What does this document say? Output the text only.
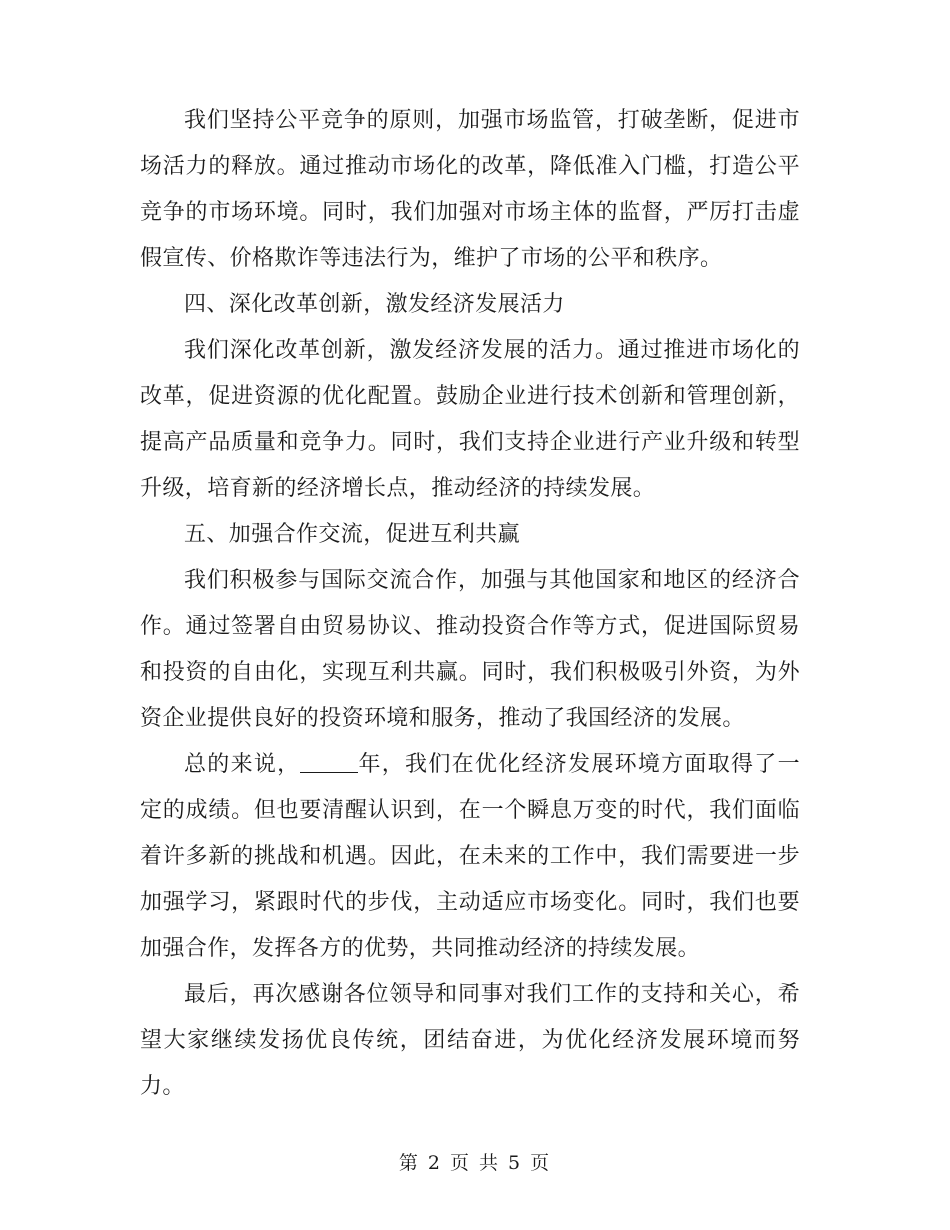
我们坚持公平竞争的原则，加强市场监管，打破垄断，促进市场活力的释放。通过推动市场化的改革，降低准入门槛，打造公平竞争的市场环境。同时，我们加强对市场主体的监督，严厉打击虚假宣传、价格欺诈等违法行为，维护了市场的公平和秩序。

四、深化改革创新，激发经济发展活力

我们深化改革创新，激发经济发展的活力。通过推进市场化的改革，促进资源的优化配置。鼓励企业进行技术创新和管理创新，提高产品质量和竞争力。同时，我们支持企业进行产业升级和转型升级，培育新的经济增长点，推动经济的持续发展。

五、加强合作交流，促进互利共赢

我们积极参与国际交流合作，加强与其他国家和地区的经济合作。通过签署自由贸易协议、推动投资合作等方式，促进国际贸易和投资的自由化，实现互利共赢。同时，我们积极吸引外资，为外资企业提供良好的投资环境和服务，推动了我国经济的发展。

总的来说，	年，我们在优化经济发展环境方面取得了一定的成绩。但也要清醒认识到，在一个瞬息万变的时代，我们面临着许多新的挑战和机遇。因此，在未来的工作中，我们需要进一步加强学习，紧跟时代的步伐，主动适应市场变化。同时，我们也要加强合作，发挥各方的优势，共同推动经济的持续发展。

最后，再次感谢各位领导和同事对我们工作的支持和关心，希望大家继续发扬优良传统，团结奋进，为优化经济发展环境而努力。

第 2 页 共 5 页
